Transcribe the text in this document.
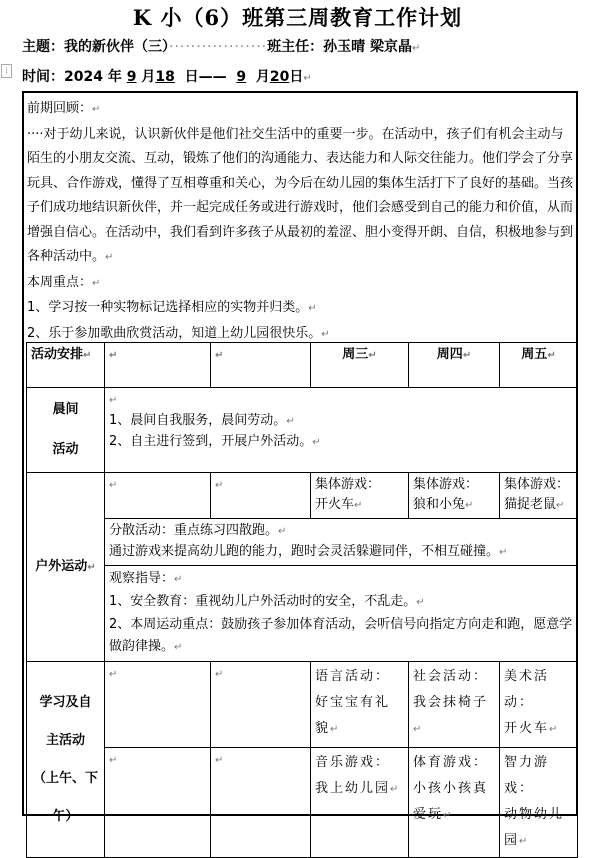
K 小（6）班第三周教育工作计划
主题：我的新伙伴（三）··················班主任：孙玉晴 梁京晶↵
⁞	时间：2024 年 9 月18 日—— 9 月20日↵

前期回顾：↵

····对于幼儿来说，认识新伙伴是他们社交生活中的重要一步。在活动中，孩子们有机会主动与陌生的小朋友交流、互动，锻炼了他们的沟通能力、表达能力和人际交往能力。他们学会了分享玩具、合作游戏，懂得了互相尊重和关心，为今后在幼儿园的集体生活打下了良好的基础。当孩子们成功地结识新伙伴，并一起完成任务或进行游戏时，他们会感受到自己的能力和价值，从而增强自信心。在活动中，我们看到许多孩子从最初的羞涩、胆小变得开朗、自信，积极地参与到各种活动中。↵

本周重点：↵

1、学习按一种实物标记选择相应的实物并归类。↵

2、乐于参加歌曲欣赏活动，知道上幼儿园很快乐。↵

活动安排↵	↵	↵	周三↵	周四↵	周五↵
晨间
活动	↵
1、晨间自我服务，晨间劳动。↵
2、自主进行签到，开展户外活动。↵				
户外运动↵	↵	↵	集体游戏：
开火车↵	集体游戏：
狼和小兔↵	集体游戏：
猫捉老鼠↵
	分散活动：重点练习四散跑。↵
通过游戏来提高幼儿跑的能力，跑时会灵活躲避同伴，不相互碰撞。↵				
	观察指导：↵
1、安全教育：重视幼儿户外活动时的安全，不乱走。↵
2、本周运动重点：鼓励孩子参加体育活动，会听信号向指定方向走和跑，愿意学做韵律操。↵				
学习及自
主活动
（上午、下
午）	↵	↵	语言活动：
好宝宝有礼貌↵	社会活动：
我会抹椅子↵	美术活动：
开火车↵
	↵	↵	音乐游戏：
我上幼儿园↵	体育游戏：
小孩小孩真爱玩↵	智力游戏：
动物幼儿园↵
